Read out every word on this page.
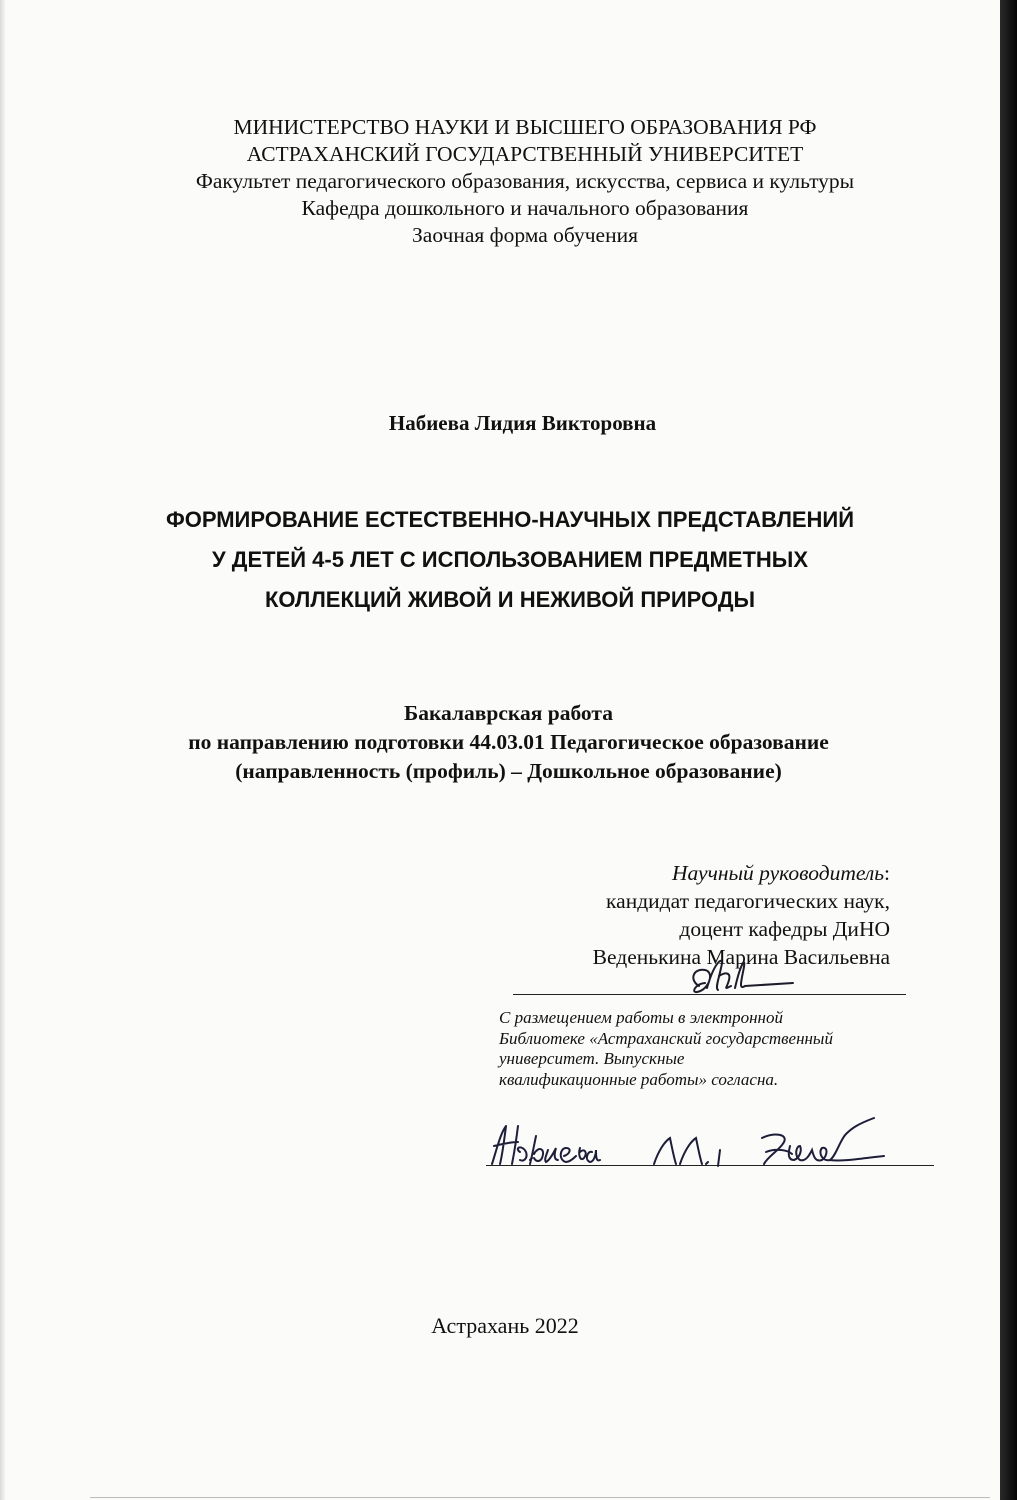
МИНИСТЕРСТВО НАУКИ И ВЫСШЕГО ОБРАЗОВАНИЯ РФ
АСТРАХАНСКИЙ ГОСУДАРСТВЕННЫЙ УНИВЕРСИТЕТ
Факультет педагогического образования, искусства, сервиса и культуры
Кафедра дошкольного и начального образования
Заочная форма обучения
Набиева Лидия Викторовна
ФОРМИРОВАНИЕ ЕСТЕСТВЕННО-НАУЧНЫХ ПРЕДСТАВЛЕНИЙ
У ДЕТЕЙ 4-5 ЛЕТ С ИСПОЛЬЗОВАНИЕМ ПРЕДМЕТНЫХ
КОЛЛЕКЦИЙ ЖИВОЙ И НЕЖИВОЙ ПРИРОДЫ
Бакалаврская работа
по направлению подготовки 44.03.01 Педагогическое образование
(направленность (профиль) – Дошкольное образование)
Научный руководитель:
кандидат педагогических наук,
доцент кафедры ДиНО
Веденькина Марина Васильевна
С размещением работы в электронной
Библиотеке «Астраханский государственный
университет. Выпускные
квалификационные работы» согласна.
Астрахань 2022
